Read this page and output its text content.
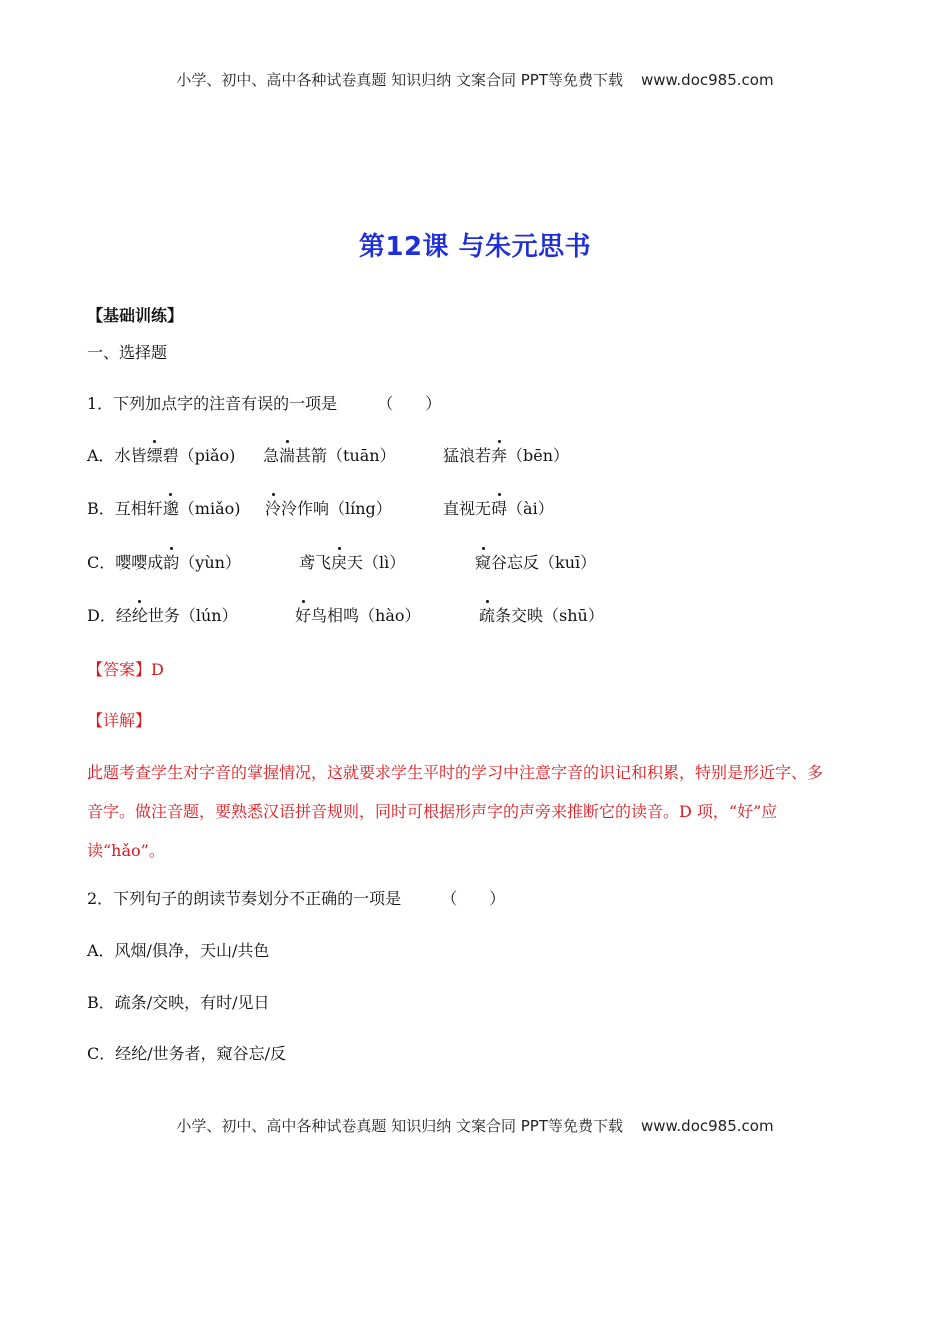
小学、初中、高中各种试卷真题 知识归纳 文案合同 PPT等免费下载 www.doc985.com
第12课 与朱元思书
【基础训练】
一、选择题
1．下列加点字的注音有误的一项是	（　　）
A．水皆缥碧（piǎo) 急湍甚箭（tuān）	猛浪若奔（bēn）
B．互相轩邈（miǎo) 泠泠作响（líng）	直视无碍（ài）
C．嘤嘤成韵（yùn）	鸢飞戾天（lì）	窥谷忘反（kuī）
D．经纶世务（lún）	好鸟相鸣（hào）	疏条交映（shū）
【答案】D
【详解】
此题考查学生对字音的掌握情况，这就要求学生平时的学习中注意字音的识记和积累，特别是形近字、多
音字。做注音题，要熟悉汉语拼音规则，同时可根据形声字的声旁来推断它的读音。D 项，“好”应
读“hǎo”。
2．下列句子的朗读节奏划分不正确的一项是	（　　）
A．风烟/俱净，天山/共色
B．疏条/交映，有时/见日
C．经纶/世务者，窥谷忘/反
小学、初中、高中各种试卷真题 知识归纳 文案合同 PPT等免费下载 www.doc985.com
